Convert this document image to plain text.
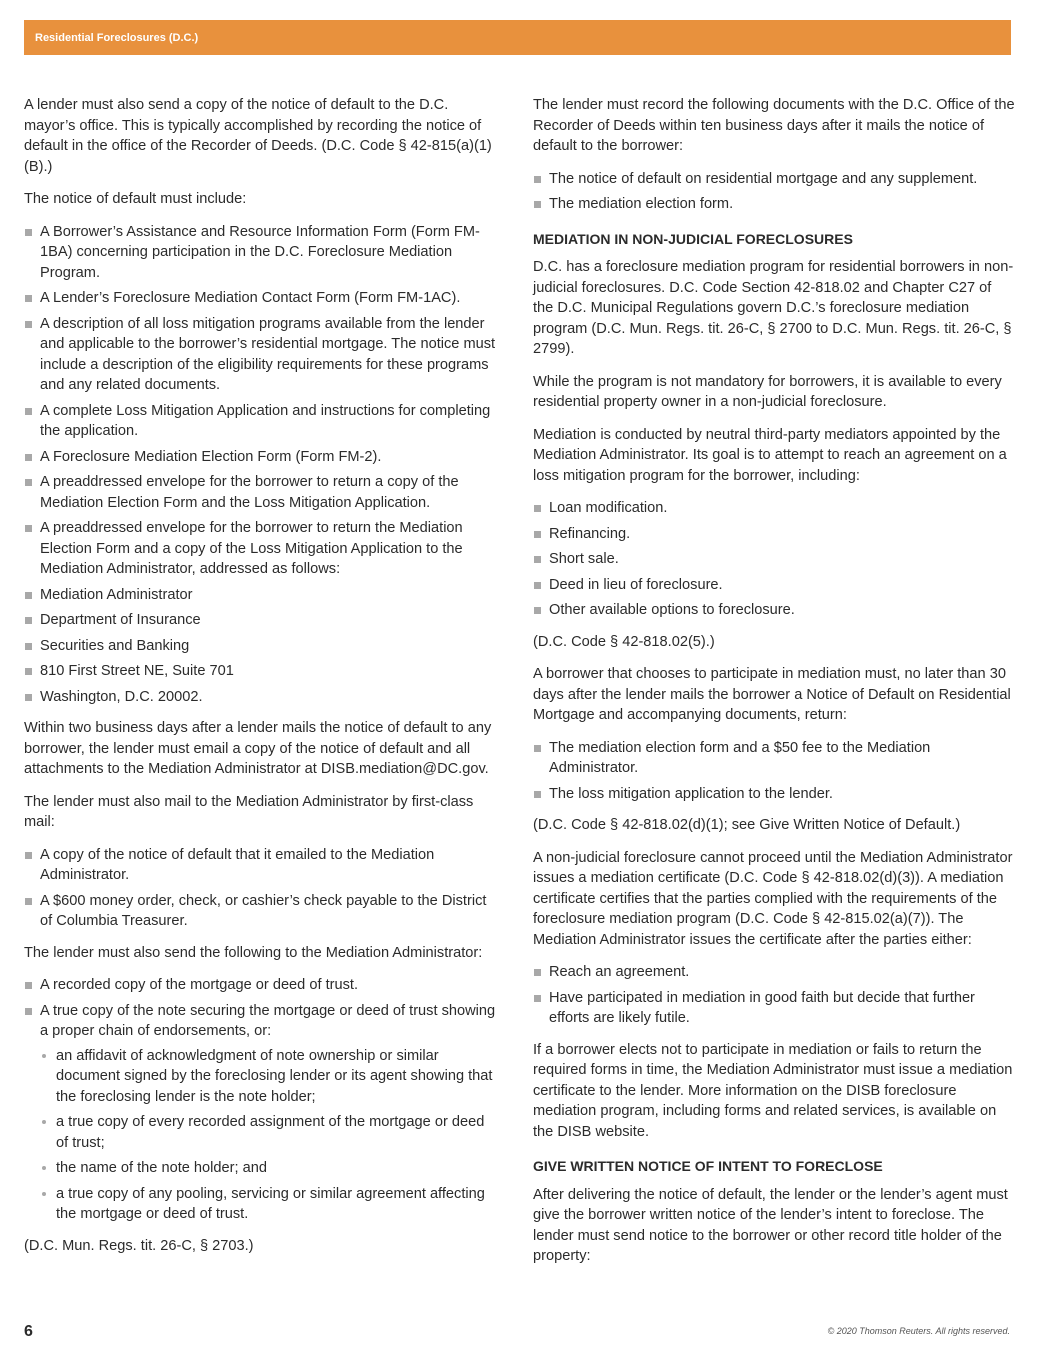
Residential Foreclosures (D.C.)

A lender must also send a copy of the notice of default to the D.C. mayor’s office. This is typically accomplished by recording the notice of default in the office of the Recorder of Deeds. (D.C. Code § 42-815(a)(1)(B).)

The notice of default must include:

A Borrower’s Assistance and Resource Information Form (Form FM-1BA) concerning participation in the D.C. Foreclosure Mediation Program.
A Lender’s Foreclosure Mediation Contact Form (Form FM-1AC).
A description of all loss mitigation programs available from the lender and applicable to the borrower’s residential mortgage. The notice must include a description of the eligibility requirements for these programs and any related documents.
A complete Loss Mitigation Application and instructions for completing the application.
A Foreclosure Mediation Election Form (Form FM-2).
A preaddressed envelope for the borrower to return a copy of the Mediation Election Form and the Loss Mitigation Application.
A preaddressed envelope for the borrower to return the Mediation Election Form and a copy of the Loss Mitigation Application to the Mediation Administrator, addressed as follows:
Mediation Administrator
Department of Insurance
Securities and Banking
810 First Street NE, Suite 701
Washington, D.C. 20002.

Within two business days after a lender mails the notice of default to any borrower, the lender must email a copy of the notice of default and all attachments to the Mediation Administrator at DISB.mediation@DC.gov.

The lender must also mail to the Mediation Administrator by first-class mail:

A copy of the notice of default that it emailed to the Mediation Administrator.
A $600 money order, check, or cashier’s check payable to the District of Columbia Treasurer.

The lender must also send the following to the Mediation Administrator:

A recorded copy of the mortgage or deed of trust.
A true copy of the note securing the mortgage or deed of trust showing a proper chain of endorsements, or:
an affidavit of acknowledgment of note ownership or similar document signed by the foreclosing lender or its agent showing that the foreclosing lender is the note holder;
a true copy of every recorded assignment of the mortgage or deed of trust;
the name of the note holder; and
a true copy of any pooling, servicing or similar agreement affecting the mortgage or deed of trust.

(D.C. Mun. Regs. tit. 26-C, § 2703.)

The lender must record the following documents with the D.C. Office of the Recorder of Deeds within ten business days after it mails the notice of default to the borrower:

The notice of default on residential mortgage and any supplement.
The mediation election form.
MEDIATION IN NON-JUDICIAL FORECLOSURES

D.C. has a foreclosure mediation program for residential borrowers in non-judicial foreclosures. D.C. Code Section 42-818.02 and Chapter C27 of the D.C. Municipal Regulations govern D.C.’s foreclosure mediation program (D.C. Mun. Regs. tit. 26-C, § 2700 to D.C. Mun. Regs. tit. 26-C, § 2799).

While the program is not mandatory for borrowers, it is available to every residential property owner in a non-judicial foreclosure.

Mediation is conducted by neutral third-party mediators appointed by the Mediation Administrator. Its goal is to attempt to reach an agreement on a loss mitigation program for the borrower, including:

Loan modification.
Refinancing.
Short sale.
Deed in lieu of foreclosure.
Other available options to foreclosure.

(D.C. Code § 42-818.02(5).)

A borrower that chooses to participate in mediation must, no later than 30 days after the lender mails the borrower a Notice of Default on Residential Mortgage and accompanying documents, return:

The mediation election form and a $50 fee to the Mediation Administrator.
The loss mitigation application to the lender.

(D.C. Code § 42-818.02(d)(1); see Give Written Notice of Default.)

A non-judicial foreclosure cannot proceed until the Mediation Administrator issues a mediation certificate (D.C. Code § 42-818.02(d)(3)). A mediation certificate certifies that the parties complied with the requirements of the foreclosure mediation program (D.C. Code § 42-815.02(a)(7)). The Mediation Administrator issues the certificate after the parties either:

Reach an agreement.
Have participated in mediation in good faith but decide that further efforts are likely futile.

If a borrower elects not to participate in mediation or fails to return the required forms in time, the Mediation Administrator must issue a mediation certificate to the lender. More information on the DISB foreclosure mediation program, including forms and related services, is available on the DISB website.

GIVE WRITTEN NOTICE OF INTENT TO FORECLOSE

After delivering the notice of default, the lender or the lender’s agent must give the borrower written notice of the lender’s intent to foreclose. The lender must send notice to the borrower or other record title holder of the property:

6	© 2020 Thomson Reuters. All rights reserved.
